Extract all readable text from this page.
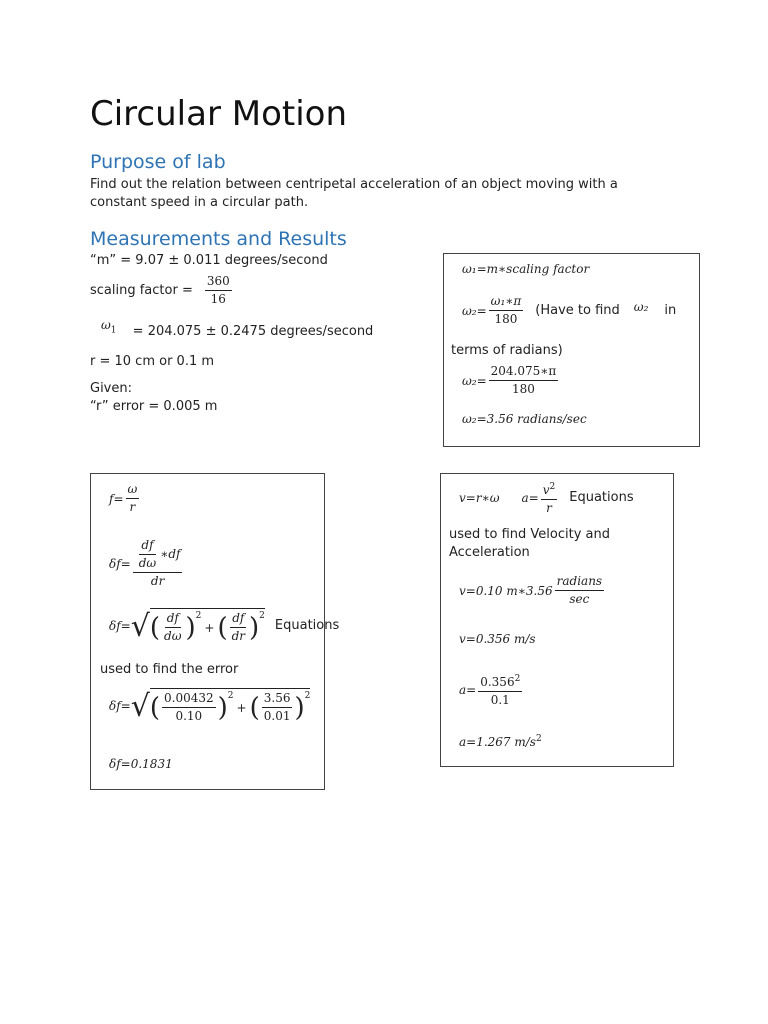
Circular Motion
Purpose of lab
Find out the relation between centripetal acceleration of an object moving with a constant speed in a circular path.
Measurements and Results
“m” = 9.07 ± 0.011 degrees/second
scaling factor = $\frac{360}{16}$
$\omega_1 = 204.075 \pm 0.2475$ degrees/second
r = 10 cm or 0.1 m
Given:
“r” error = 0.005 m
ω₁=m∗scaling factor
$\omega_2= \frac{\text{ω₁∗π}}{180}$ (Have to find ω₂ in
terms of radians)
$\omega_2= \frac{204.075∗\pi}{180}$
ω₂=3.56 radians/sec
$f= \frac{\omega}{r}$
$\delta f= \frac{\frac{df}{d\omega} ∗df}{dr}$
δf= √ ( $\frac{df}{d\omega}$ ) 2
+ ( $\frac{df}{dr}$ ) 2
Equations
used to find the error
δf= √ ( $\frac{0.00432}{0.10}$ ) 2
+ ( $\frac{3.56}{0.01}$ ) 2
δf=0.1831
v=r∗ω $a= \frac{v^2}{r}$ Equations
used to find Velocity and Acceleration
v=0.10 m∗3.56 $\frac{\text{radians}}{\sec}$
v=0.356 m/s
$a= \frac{0.356^2}{0.1}$
a=1.267 $m/s^2$
